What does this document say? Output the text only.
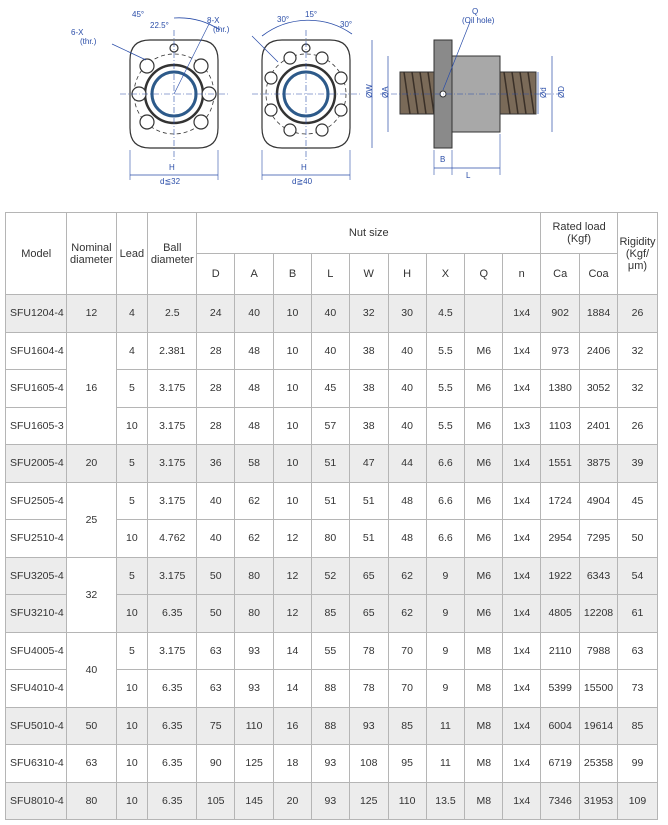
45°
22.5°
6-X
(thr.)
H
d≦32
30°
15°
30°
8-X
(thr.)
H
d≧40
Q
(Oil hole)
ØW ØA	Ød ØD
B
L
Model	Nominal diameter	Lead	Ball diameter	Nut size									Rated load (Kgf)		Rigidity (Kgf/μm)
				D	A	B	L	W	H	X	Q	n	Ca	Coa	
SFU1204-4	12	4	2.5	24	40	10	40	32	30	4.5		1x4	902	1884	26
SFU1604-4	16	4	2.381	28	48	10	40	38	40	5.5	M6	1x4	973	2406	32
SFU1605-4		5	3.175	28	48	10	45	38	40	5.5	M6	1x4	1380	3052	32
SFU1605-3		10	3.175	28	48	10	57	38	40	5.5	M6	1x3	1103	2401	26
SFU2005-4	20	5	3.175	36	58	10	51	47	44	6.6	M6	1x4	1551	3875	39
SFU2505-4	25	5	3.175	40	62	10	51	51	48	6.6	M6	1x4	1724	4904	45
SFU2510-4		10	4.762	40	62	12	80	51	48	6.6	M6	1x4	2954	7295	50
SFU3205-4	32	5	3.175	50	80	12	52	65	62	9	M6	1x4	1922	6343	54
SFU3210-4		10	6.35	50	80	12	85	65	62	9	M6	1x4	4805	12208	61
SFU4005-4	40	5	3.175	63	93	14	55	78	70	9	M8	1x4	2110	7988	63
SFU4010-4		10	6.35	63	93	14	88	78	70	9	M8	1x4	5399	15500	73
SFU5010-4	50	10	6.35	75	110	16	88	93	85	11	M8	1x4	6004	19614	85
SFU6310-4	63	10	6.35	90	125	18	93	108	95	11	M8	1x4	6719	25358	99
SFU8010-4	80	10	6.35	105	145	20	93	125	110	13.5	M8	1x4	7346	31953	109
